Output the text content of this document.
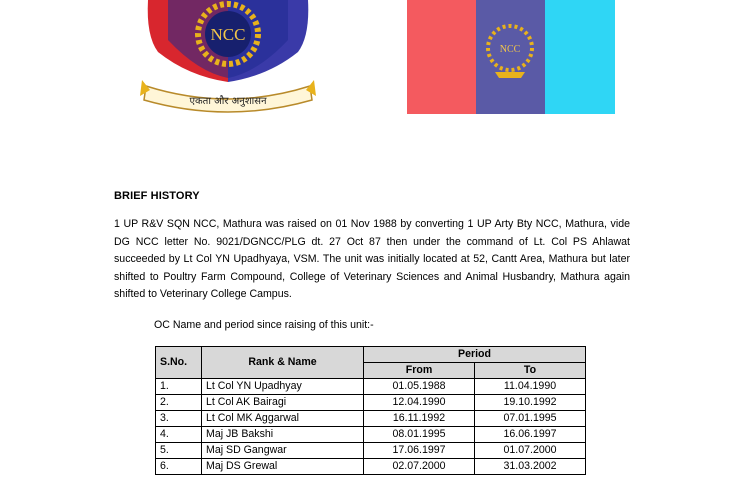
NCC
एकता और अनुशासन
NCC
BRIEF HISTORY

1 UP R&V SQN NCC, Mathura was raised on 01 Nov 1988 by converting 1 UP Arty Bty NCC, Mathura, vide DG NCC letter No. 9021/DGNCC/PLG dt. 27 Oct 87 then under the command of Lt. Col PS Ahlawat succeeded by Lt Col YN Upadhyaya, VSM. The unit was initially located at 52, Cantt Area, Mathura but later shifted to Poultry Farm Compound, College of Veterinary Sciences and Animal Husbandry, Mathura again shifted to Veterinary College Campus.

OC Name and period since raising of this unit:-
S.No.	Rank & Name	Period	
		From	To
1.	Lt Col YN Upadhyay	01.05.1988	11.04.1990
2.	Lt Col AK Bairagi	12.04.1990	19.10.1992
3.	Lt Col MK Aggarwal	16.11.1992	07.01.1995
4.	Maj JB Bakshi	08.01.1995	16.06.1997
5.	Maj SD Gangwar	17.06.1997	01.07.2000
6.	Maj DS Grewal	02.07.2000	31.03.2002
